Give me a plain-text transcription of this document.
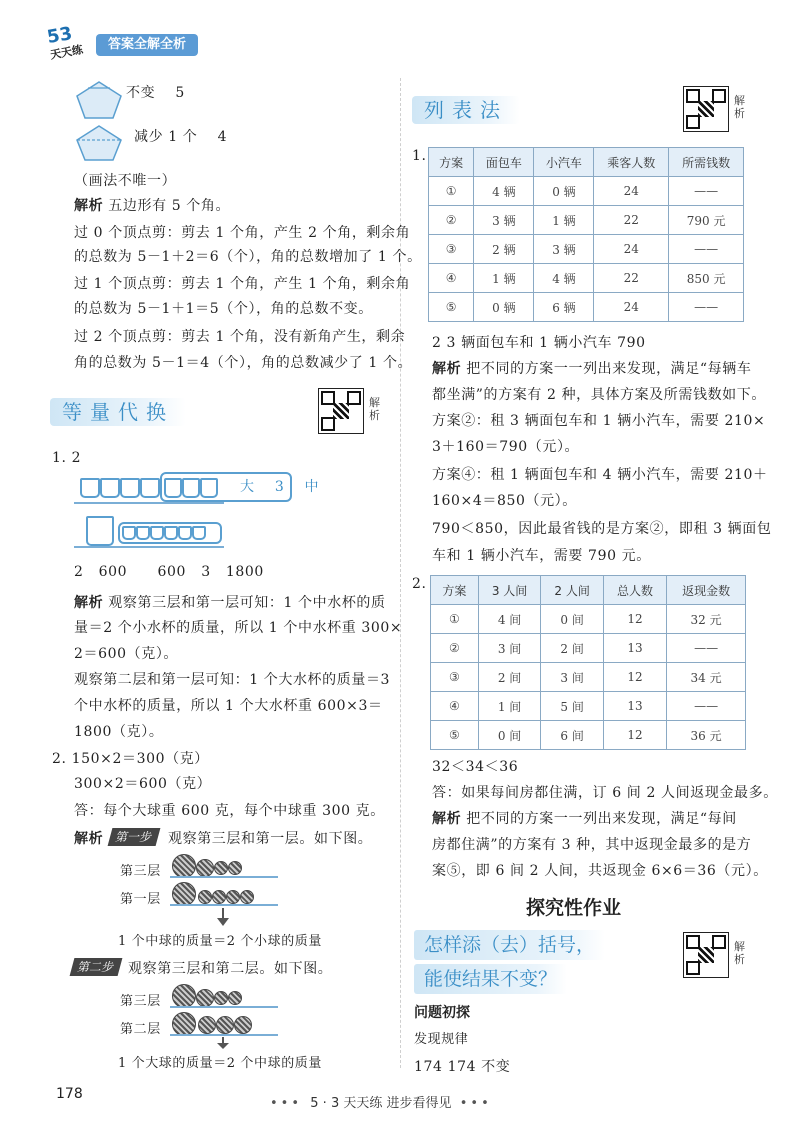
53
天天练	答案全解全析
不变 5
减少 1 个 4
（画法不唯一）
解析 五边形有 5 个角。
过 0 个顶点剪：剪去 1 个角，产生 2 个角，剩余角
的总数为 5－1＋2＝6（个），角的总数增加了 1 个。
过 1 个顶点剪：剪去 1 个角，产生 1 个角，剩余角
的总数为 5－1＋1＝5（个），角的总数不变。
过 2 个顶点剪：剪去 1 个角，没有新角产生，剩余
角的总数为 5－1＝4（个），角的总数减少了 1 个。
等量代换	解析
1. 2
大 3 中
2 600 600 3 1800
解析 观察第三层和第一层可知：1 个中水杯的质
量＝2 个小水杯的质量，所以 1 个中水杯重 300×
2＝600（克）。
观察第二层和第一层可知：1 个大水杯的质量＝3
个中水杯的质量，所以 1 个大水杯重 600×3＝
1800（克）。
2. 150×2＝300（克）
300×2＝600（克）
答：每个大球重 600 克，每个中球重 300 克。
解析 第一步	观察第三层和第一层。如下图。
第三层
第一层
1 个中球的质量＝2 个小球的质量
第二步 观察第三层和第二层。如下图。
第三层
第二层
1 个大球的质量＝2 个中球的质量
列表法	解析
1. 方案	面包车	小汽车	乘客人数	所需钱数
①	4 辆	0 辆	24	——
②	3 辆	1 辆	22	790 元
③	2 辆	3 辆	24	——
④	1 辆	4 辆	22	850 元
⑤	0 辆	6 辆	24	——
2 3 辆面包车和 1 辆小汽车 790
解析 把不同的方案一一列出来发现，满足“每辆车
都坐满”的方案有 2 种，具体方案及所需钱数如下。
方案②：租 3 辆面包车和 1 辆小汽车，需要 210×
3＋160＝790（元）。
方案④：租 1 辆面包车和 4 辆小汽车，需要 210＋
160×4＝850（元）。
790＜850，因此最省钱的是方案②，即租 3 辆面包
车和 1 辆小汽车，需要 790 元。
2. 方案	3 人间	2 人间	总人数	返现金数
①	4 间	0 间	12	32 元
②	3 间	2 间	13	——
③	2 间	3 间	12	34 元
④	1 间	5 间	13	——
⑤	0 间	6 间	12	36 元
32＜34＜36
答：如果每间房都住满，订 6 间 2 人间返现金最多。
解析 把不同的方案一一列出来发现，满足“每间
房都住满”的方案有 3 种，其中返现金最多的是方
案⑤，即 6 间 2 人间，共返现金 6×6＝36（元）。
探究性作业
怎样添（去）括号，
能使结果不变？
解析
问题初探
发现规律
174 174 不变
178
••• 5 · 3 天天练 进步看得见 •••
